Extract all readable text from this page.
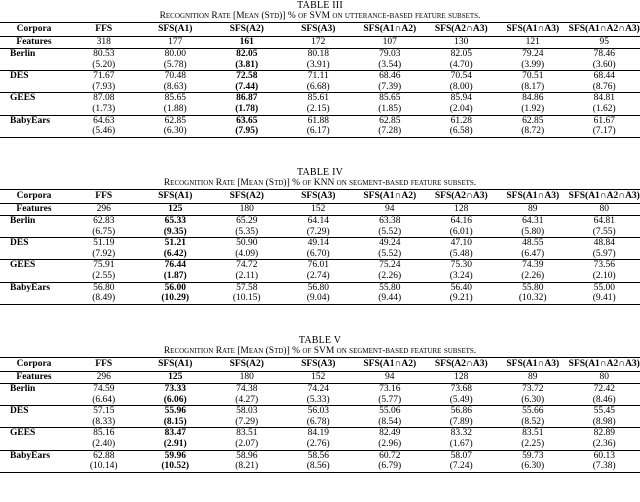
TABLE III
Recognition Rate [Mean (Std)] % of SVM on utterance-based feature subsets.
Corpora	FFS	SFS(A1)	SFS(A2)	SFS(A3)	SFS(A1∩A2)	SFS(A2∩A3)	SFS(A1∩A3)	SFS(A1∩A2∩A3)
Features	318	177	161	172	107	130	121	95
Berlin	80.53	80.00	82.05	80.18	79.03	82.05	79.24	78.46
	(5.20)	(5.78)	(3.81)	(3.91)	(3.54)	(4.70)	(3.99)	(3.60)
DES	71.67	70.48	72.58	71.11	68.46	70.54	70.51	68.44
	(7.93)	(8.63)	(7.44)	(6.68)	(7.39)	(8.00)	(8.17)	(8.76)
GEES	87.08	85.65	86.87	85.61	85.65	85.94	84.86	84.81
	(1.73)	(1.88)	(1.78)	(2.15)	(1.85)	(2.04)	(1.92)	(1.62)
BabyEars	64.63	62.85	63.65	61.88	62.85	61.28	62.85	61.67
	(5.46)	(6.30)	(7.95)	(6.17)	(7.28)	(6.58)	(8.72)	(7.17)
TABLE IV
Recognition Rate [Mean (Std)] % of KNN on segment-based feature subsets.
Corpora	FFS	SFS(A1)	SFS(A2)	SFS(A3)	SFS(A1∩A2)	SFS(A2∩A3)	SFS(A1∩A3)	SFS(A1∩A2∩A3)
Features	296	125	180	152	94	128	89	80
Berlin	62.83	65.33	65.29	64.14	63.38	64.16	64.31	64.81
	(6.75)	(9.35)	(5.35)	(7.29)	(5.52)	(6.01)	(5.80)	(7.55)
DES	51.19	51.21	50.90	49.14	49.24	47.10	48.55	48.84
	(7.92)	(6.42)	(4.09)	(6.70)	(5.52)	(5.48)	(6.47)	(5.97)
GEES	75.91	76.44	74.72	76.01	75.24	75.30	74.39	73.56
	(2.55)	(1.87)	(2.11)	(2.74)	(2.26)	(3.24)	(2.26)	(2.10)
BabyEars	56.80	56.00	57.58	56.80	55.80	56.40	55.80	55.00
	(8.49)	(10.29)	(10.15)	(9.04)	(9.44)	(9.21)	(10.32)	(9.41)
TABLE V
Recognition Rate [Mean (Std)] % of SVM on segment-based feature subsets.
Corpora	FFS	SFS(A1)	SFS(A2)	SFS(A3)	SFS(A1∩A2)	SFS(A2∩A3)	SFS(A1∩A3)	SFS(A1∩A2∩A3)
Features	296	125	180	152	94	128	89	80
Berlin	74.59	73.33	74.38	74.24	73.16	73.68	73.72	72.42
	(6.64)	(6.06)	(4.27)	(5.33)	(5.77)	(5.49)	(6.30)	(8.46)
DES	57.15	55.96	58.03	56.03	55.06	56.86	55.66	55.45
	(8.33)	(8.15)	(7.29)	(6.78)	(8.54)	(7.89)	(8.52)	(8.98)
GEES	85.16	83.47	83.51	84.19	82.49	83.32	83.51	82.89
	(2.40)	(2.91)	(2.07)	(2.76)	(2.96)	(1.67)	(2.25)	(2.36)
BabyEars	62.88	59.96	58.96	58.56	60.72	58.07	59.73	60.13
	(10.14)	(10.52)	(8.21)	(8.56)	(6.79)	(7.24)	(6.30)	(7.38)
